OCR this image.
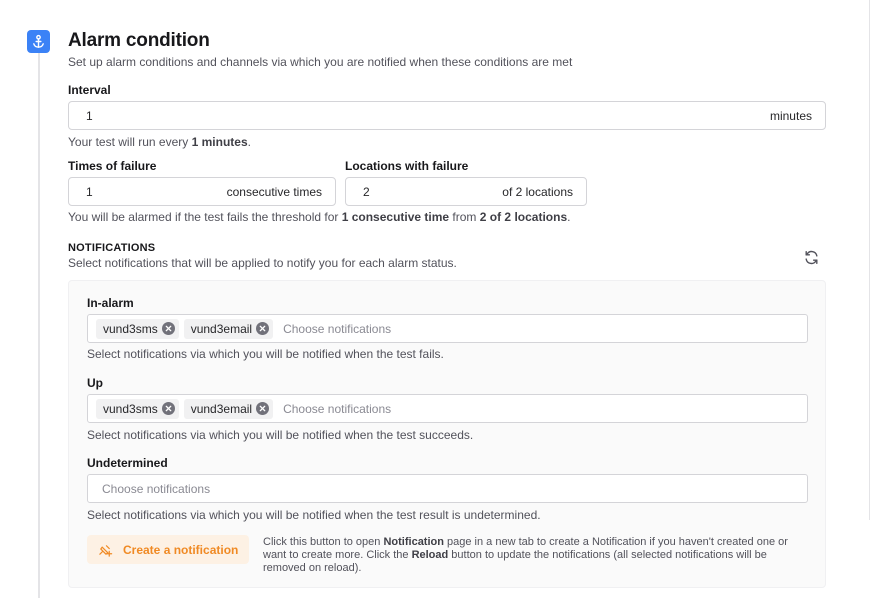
Alarm condition
Set up alarm conditions and channels via which you are notified when these conditions are met
Interval
1	minutes
Your test will run every 1 minutes.
Times of failure
1	consecutive times
Locations with failure
2	of 2 locations
You will be alarmed if the test fails the threshold for 1 consecutive time from 2 of 2 locations.
NOTIFICATIONS
Select notifications that will be applied to notify you for each alarm status.
In-alarm
vund3sms	vund3email	Choose notifications
Select notifications via which you will be notified when the test fails.
Up
vund3sms	vund3email	Choose notifications
Select notifications via which you will be notified when the test succeeds.
Undetermined
Choose notifications
Select notifications via which you will be notified when the test result is undetermined.
Create a notification
Click this button to open Notification page in a new tab to create a Notification if you haven't created one or want to create more. Click the Reload button to update the notifications (all selected notifications will be removed on reload).
